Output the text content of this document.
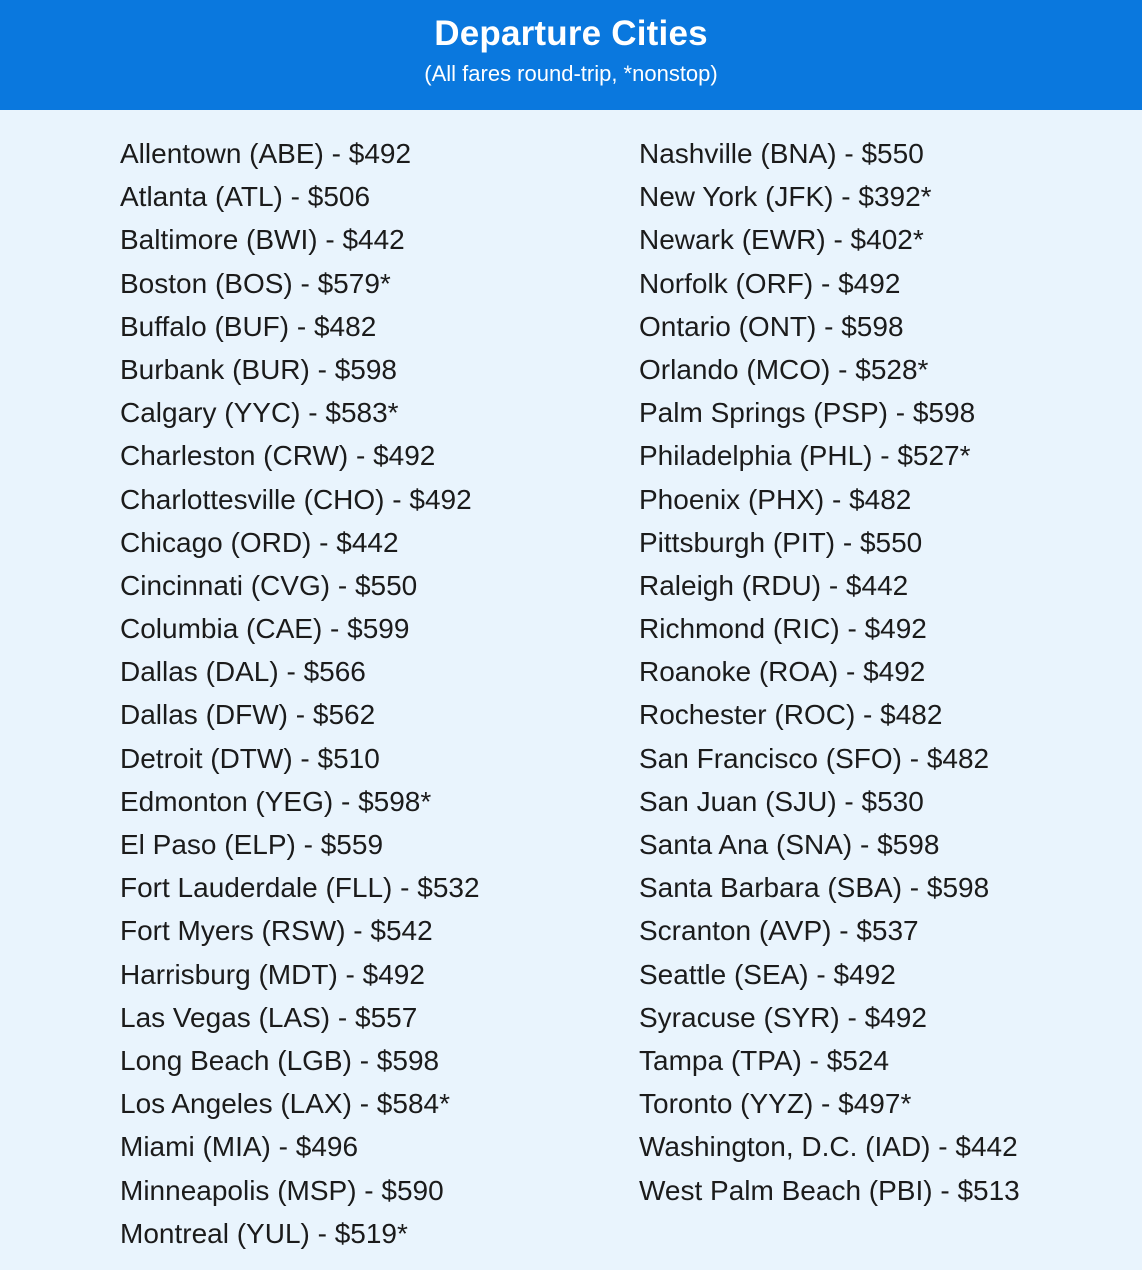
Departure Cities
(All fares round-trip, *nonstop)
Allentown (ABE) - $492
Atlanta (ATL) - $506
Baltimore (BWI) - $442
Boston (BOS) - $579*
Buffalo (BUF) - $482
Burbank (BUR) - $598
Calgary (YYC) - $583*
Charleston (CRW) - $492
Charlottesville (CHO) - $492
Chicago (ORD) - $442
Cincinnati (CVG) - $550
Columbia (CAE) - $599
Dallas (DAL) - $566
Dallas (DFW) - $562
Detroit (DTW) - $510
Edmonton (YEG) - $598*
El Paso (ELP) - $559
Fort Lauderdale (FLL) - $532
Fort Myers (RSW) - $542
Harrisburg (MDT) - $492
Las Vegas (LAS) - $557
Long Beach (LGB) - $598
Los Angeles (LAX) - $584*
Miami (MIA) - $496
Minneapolis (MSP) - $590
Montreal (YUL) - $519*
Nashville (BNA) - $550
New York (JFK) - $392*
Newark (EWR) - $402*
Norfolk (ORF) - $492
Ontario (ONT) - $598
Orlando (MCO) - $528*
Palm Springs (PSP) - $598
Philadelphia (PHL) - $527*
Phoenix (PHX) - $482
Pittsburgh (PIT) - $550
Raleigh (RDU) - $442
Richmond (RIC) - $492
Roanoke (ROA) - $492
Rochester (ROC) - $482
San Francisco (SFO) - $482
San Juan (SJU) - $530
Santa Ana (SNA) - $598
Santa Barbara (SBA) - $598
Scranton (AVP) - $537
Seattle (SEA) - $492
Syracuse (SYR) - $492
Tampa (TPA) - $524
Toronto (YYZ) - $497*
Washington, D.C. (IAD) - $442
West Palm Beach (PBI) - $513
